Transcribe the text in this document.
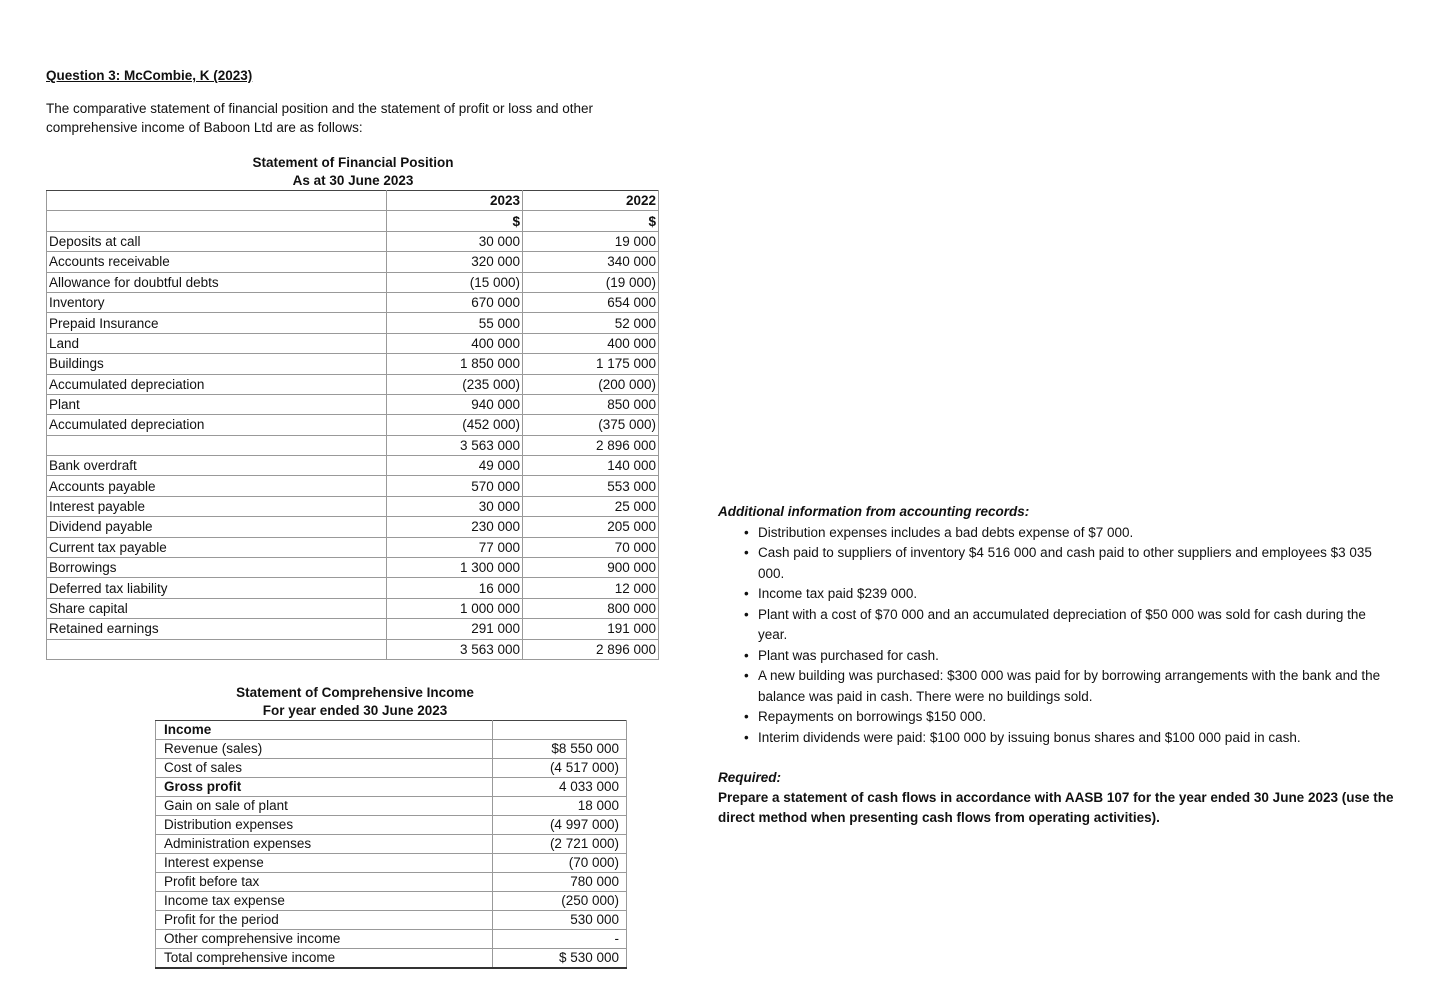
Question 3: McCombie, K (2023)
The comparative statement of financial position and the statement of profit or loss and other comprehensive income of Baboon Ltd are as follows:
Statement of Financial Position
As at 30 June 2023
	2023	2022
	$	$
Deposits at call	30 000	19 000
Accounts receivable	320 000	340 000
Allowance for doubtful debts	(15 000)	(19 000)
Inventory	670 000	654 000
Prepaid Insurance	55 000	52 000
Land	400 000	400 000
Buildings	1 850 000	1 175 000
Accumulated depreciation	(235 000)	(200 000)
Plant	940 000	850 000
Accumulated depreciation	(452 000)	(375 000)
	3 563 000	2 896 000
Bank overdraft	49 000	140 000
Accounts payable	570 000	553 000
Interest payable	30 000	25 000
Dividend payable	230 000	205 000
Current tax payable	77 000	70 000
Borrowings	1 300 000	900 000
Deferred tax liability	16 000	12 000
Share capital	1 000 000	800 000
Retained earnings	291 000	191 000
	3 563 000	2 896 000
Statement of Comprehensive Income
For year ended 30 June 2023
Income	
Revenue (sales)	$8 550 000
Cost of sales	(4 517 000)
Gross profit	4 033 000
Gain on sale of plant	18 000
Distribution expenses	(4 997 000)
Administration expenses	(2 721 000)
Interest expense	(70 000)
Profit before tax	780 000
Income tax expense	(250 000)
Profit for the period	530 000
Other comprehensive income	-
Total comprehensive income	$ 530 000
Additional information from accounting records:
• Distribution expenses includes a bad debts expense of $7 000.
• Cash paid to suppliers of inventory $4 516 000 and cash paid to other suppliers and employees $3 035 000.
• Income tax paid $239 000.
• Plant with a cost of $70 000 and an accumulated depreciation of $50 000 was sold for cash during the year.
• Plant was purchased for cash.
• A new building was purchased: $300 000 was paid for by borrowing arrangements with the bank and the balance was paid in cash. There were no buildings sold.
• Repayments on borrowings $150 000.
• Interim dividends were paid: $100 000 by issuing bonus shares and $100 000 paid in cash.
Required:
Prepare a statement of cash flows in accordance with AASB 107 for the year ended 30 June 2023 (use the direct method when presenting cash flows from operating activities).
